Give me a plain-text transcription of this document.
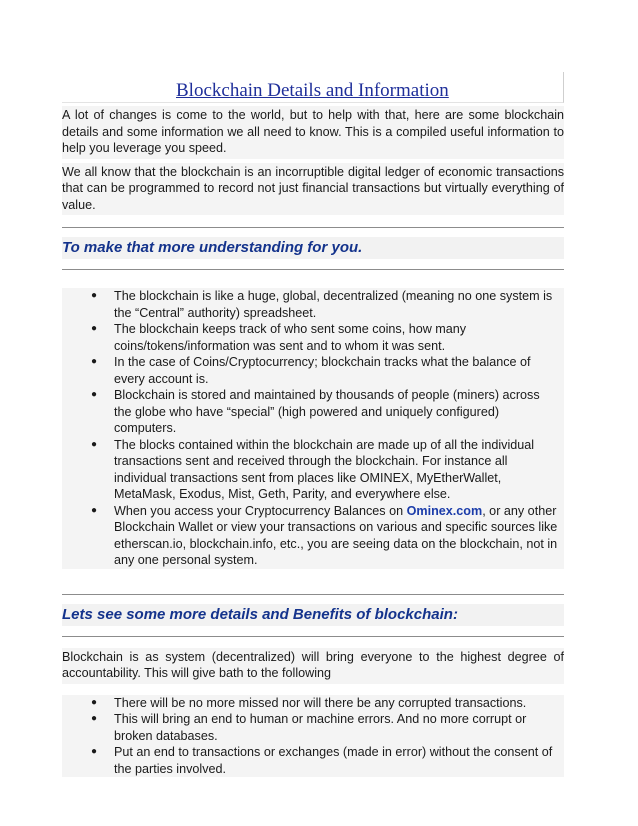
Blockchain Details and Information

A lot of changes is come to the world, but to help with that, here are some blockchain details and some information we all need to know. This is a compiled useful information to help you leverage you speed.

We all know that the blockchain is an incorruptible digital ledger of economic transactions that can be programmed to record not just financial transactions but virtually everything of value.

To make that more understanding for you.
● The blockchain is like a huge, global, decentralized (meaning no one system is the “Central” authority) spreadsheet.
● The blockchain keeps track of who sent some coins, how many coins/tokens/information was sent and to whom it was sent.
● In the case of Coins/Cryptocurrency; blockchain tracks what the balance of every account is.
● Blockchain is stored and maintained by thousands of people (miners) across the globe who have “special” (high powered and uniquely configured) computers.
● The blocks contained within the blockchain are made up of all the individual transactions sent and received through the blockchain. For instance all individual transactions sent from places like OMINEX, MyEtherWallet, MetaMask, Exodus, Mist, Geth, Parity, and everywhere else.
● When you access your Cryptocurrency Balances on Ominex.com, or any other Blockchain Wallet or view your transactions on various and specific sources like etherscan.io, blockchain.info, etc., you are seeing data on the blockchain, not in any one personal system.
Lets see some more details and Benefits of blockchain:

Blockchain is as system (decentralized) will bring everyone to the highest degree of accountability. This will give bath to the following

● There will be no more missed nor will there be any corrupted transactions.
● This will bring an end to human or machine errors. And no more corrupt or broken databases.
● Put an end to transactions or exchanges (made in error) without the consent of the parties involved.
